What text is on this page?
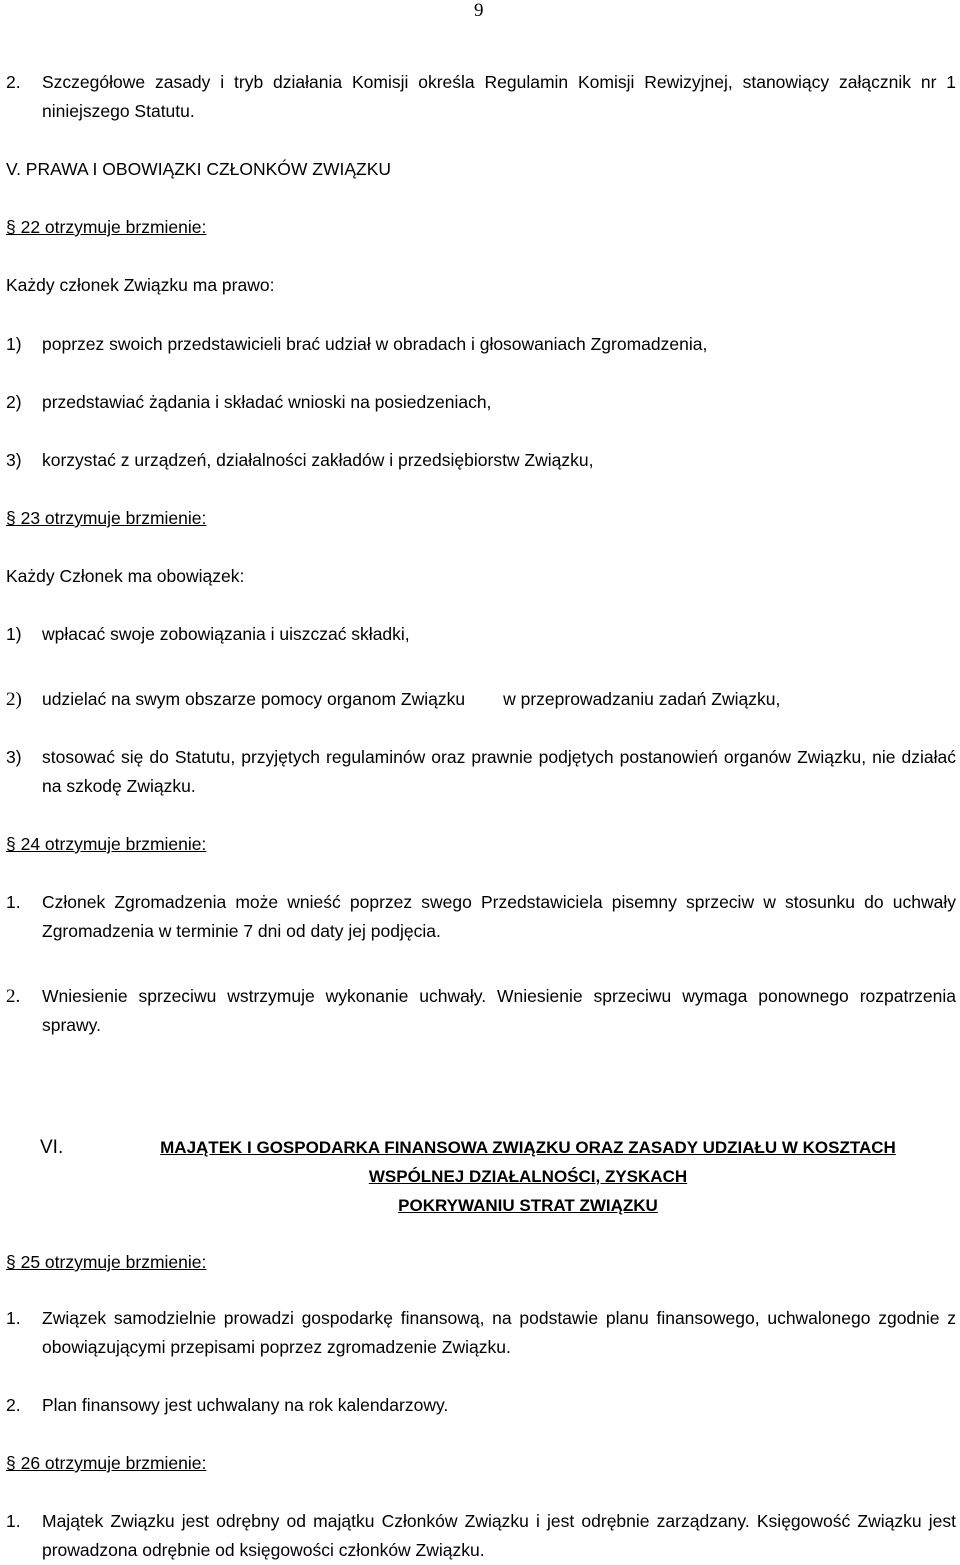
9
2.	Szczegółowe zasady i tryb działania Komisji określa Regulamin Komisji Rewizyjnej, stanowiący załącznik nr 1 niniejszego Statutu.
V. PRAWA I OBOWIĄZKI CZŁONKÓW ZWIĄZKU
§ 22 otrzymuje brzmienie:
Każdy członek Związku ma prawo:
1)	poprzez swoich przedstawicieli brać udział w obradach i głosowaniach Zgromadzenia,
2)	przedstawiać żądania i składać wnioski na posiedzeniach,
3)	korzystać z urządzeń, działalności zakładów i przedsiębiorstw Związku,
§ 23 otrzymuje brzmienie:
Każdy Członek ma obowiązek:
1)	wpłacać swoje zobowiązania i uiszczać składki,
2)	udzielać na swym obszarze pomocy organom Związku w przeprowadzaniu zadań Związku,
3)	stosować się do Statutu, przyjętych regulaminów oraz prawnie podjętych postanowień organów Związku, nie działać na szkodę Związku.
§ 24 otrzymuje brzmienie:
1.	Członek Zgromadzenia może wnieść poprzez swego Przedstawiciela pisemny sprzeciw w stosunku do uchwały Zgromadzenia w terminie 7 dni od daty jej podjęcia.
2.	Wniesienie sprzeciwu wstrzymuje wykonanie uchwały. Wniesienie sprzeciwu wymaga ponownego rozpatrzenia sprawy.
VI.	MAJĄTEK I GOSPODARKA FINANSOWA ZWIĄZKU ORAZ ZASADY UDZIAŁU W KOSZTACH
WSPÓLNEJ DZIAŁALNOŚCI, ZYSKACH
POKRYWANIU STRAT ZWIĄZKU
§ 25 otrzymuje brzmienie:
1.	Związek samodzielnie prowadzi gospodarkę finansową, na podstawie planu finansowego, uchwalonego zgodnie z obowiązującymi przepisami poprzez zgromadzenie Związku.
2.	Plan finansowy jest uchwalany na rok kalendarzowy.
§ 26 otrzymuje brzmienie:
1.	Majątek Związku jest odrębny od majątku Członków Związku i jest odrębnie zarządzany. Księgowość Związku jest prowadzona odrębnie od księgowości członków Związku.
